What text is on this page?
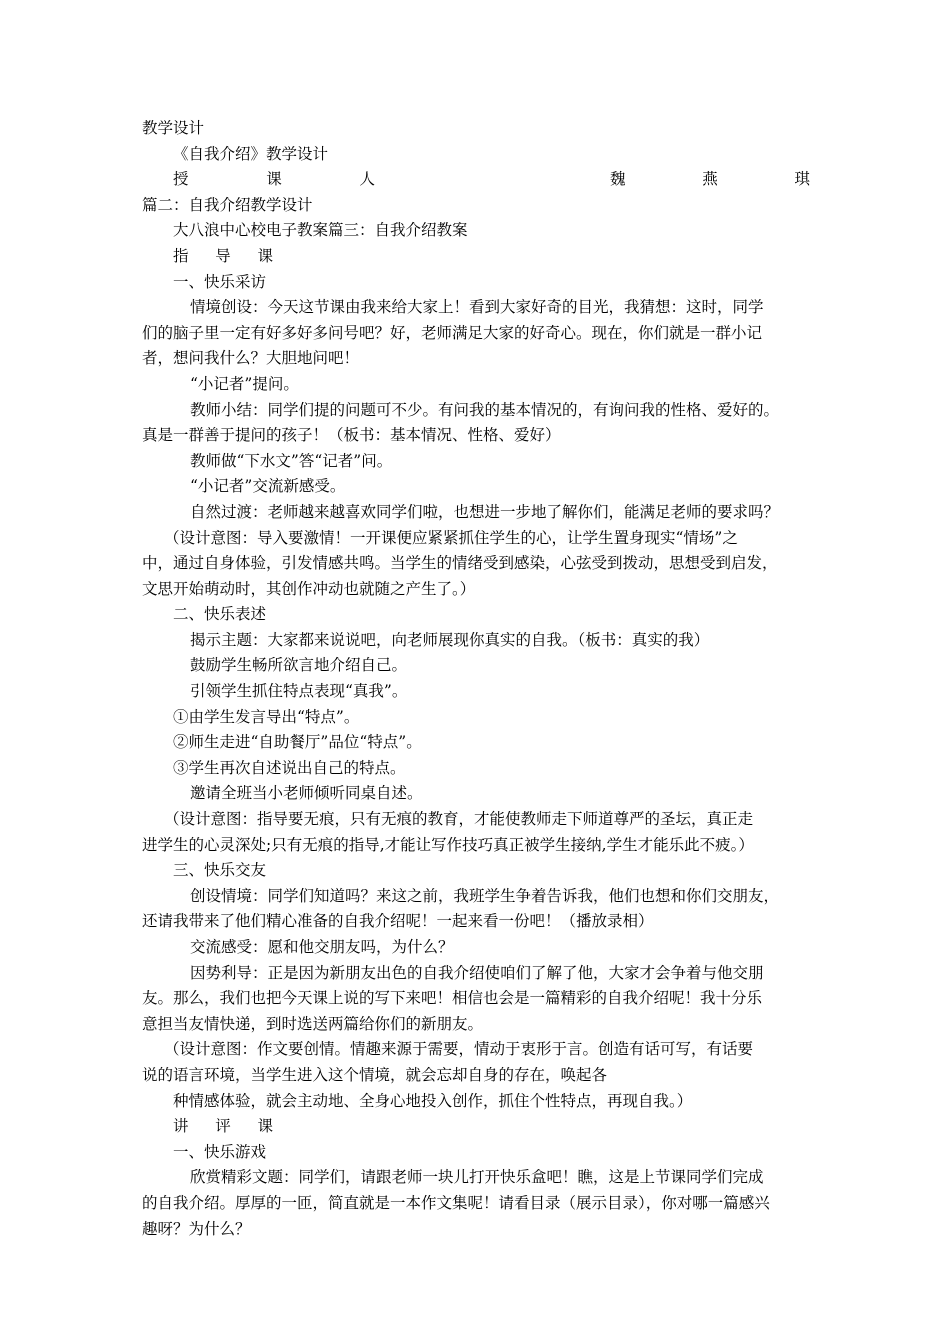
教学设计
《自我介绍》教学设计
授	课	人	魏	燕	琪
篇二：自我介绍教学设计
大八浪中心校电子教案篇三：自我介绍教案
指 导 课
一、快乐采访
情境创设：今天这节课由我来给大家上！看到大家好奇的目光，我猜想：这时，同学
们的脑子里一定有好多好多问号吧？好，老师满足大家的好奇心。现在，你们就是一群小记
者，想问我什么？大胆地问吧！
“小记者”提问。
教师小结：同学们提的问题可不少。有问我的基本情况的，有询问我的性格、爱好的。
真是一群善于提问的孩子！（板书：基本情况、性格、爱好）
教师做“下水文”答“记者”问。
“小记者”交流新感受。
自然过渡：老师越来越喜欢同学们啦，也想进一步地了解你们，能满足老师的要求吗？
（设计意图：导入要激情！一开课便应紧紧抓住学生的心，让学生置身现实“情场”之
中，通过自身体验，引发情感共鸣。当学生的情绪受到感染，心弦受到拨动，思想受到启发，
文思开始萌动时，其创作冲动也就随之产生了。）
二、快乐表述
揭示主题：大家都来说说吧，向老师展现你真实的自我。（板书：真实的我）
鼓励学生畅所欲言地介绍自己。
引领学生抓住特点表现“真我”。
①由学生发言导出“特点”。
②师生走进“自助餐厅”品位“特点”。
③学生再次自述说出自己的特点。
邀请全班当小老师倾听同桌自述。
（设计意图：指导要无痕，只有无痕的教育，才能使教师走下师道尊严的圣坛，真正走
进学生的心灵深处;只有无痕的指导,才能让写作技巧真正被学生接纳,学生才能乐此不疲。）
三、快乐交友
创设情境：同学们知道吗？来这之前，我班学生争着告诉我，他们也想和你们交朋友，
还请我带来了他们精心准备的自我介绍呢！一起来看一份吧！（播放录相）
交流感受：愿和他交朋友吗，为什么？
因势利导：正是因为新朋友出色的自我介绍使咱们了解了他，大家才会争着与他交朋
友。那么，我们也把今天课上说的写下来吧！相信也会是一篇精彩的自我介绍呢！我十分乐
意担当友情快递，到时选送两篇给你们的新朋友。
（设计意图：作文要创情。情趣来源于需要，情动于衷形于言。创造有话可写，有话要
说的语言环境，当学生进入这个情境，就会忘却自身的存在，唤起各
种情感体验，就会主动地、全身心地投入创作，抓住个性特点，再现自我。）
讲 评 课
一、快乐游戏
欣赏精彩文题：同学们，请跟老师一块儿打开快乐盒吧！瞧，这是上节课同学们完成
的自我介绍。厚厚的一匝，简直就是一本作文集呢！请看目录（展示目录），你对哪一篇感兴
趣呀？为什么？
